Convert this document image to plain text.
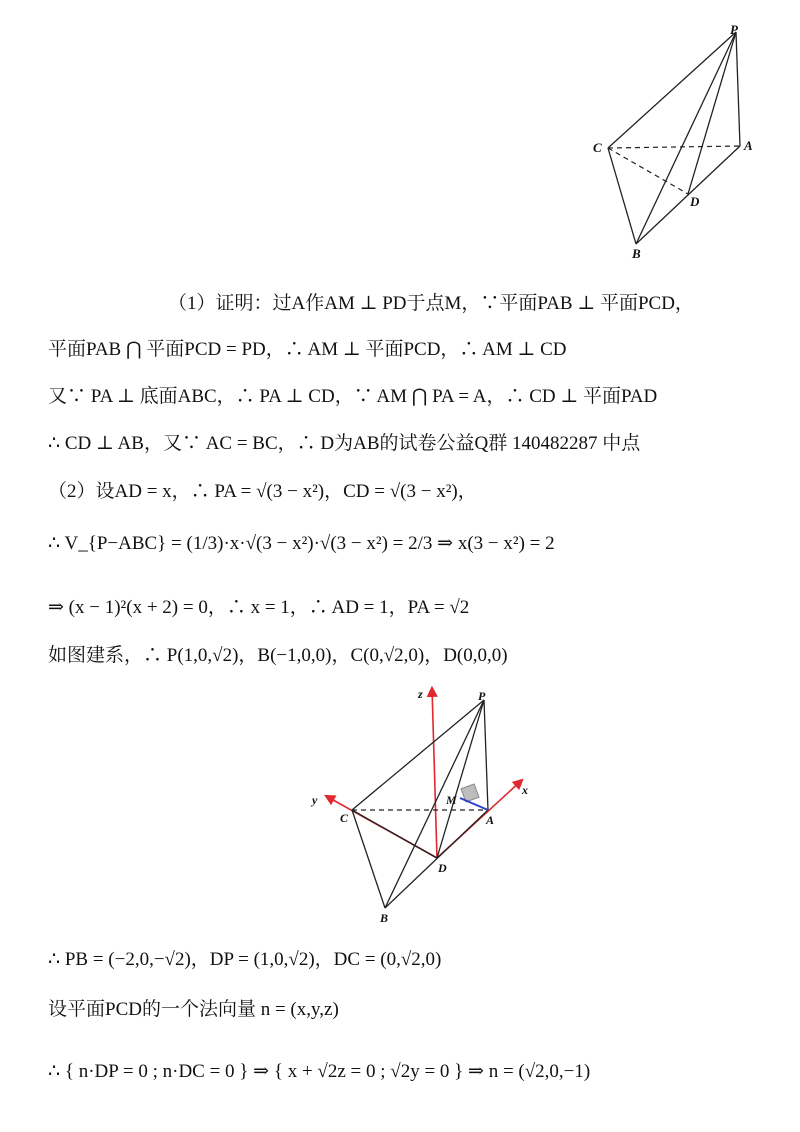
P
C	A
D
B
（1）证明：过A作AM ⊥ PD于点M，∵平面PAB ⊥ 平面PCD，
平面PAB ⋂ 平面PCD = PD，∴ AM ⊥ 平面PCD，∴ AM ⊥ CD
又∵ PA ⊥ 底面ABC，∴ PA ⊥ CD，∵ AM ⋂ PA = A，∴ CD ⊥ 平面PAD
∴ CD ⊥ AB，又∵ AC = BC，∴ D为AB的试卷公益Q群 140482287 中点
（2）设AD = x，∴ PA = √(3 − x²)，CD = √(3 − x²)，
∴ V_{P−ABC} = (1/3)·x·√(3 − x²)·√(3 − x²) = 2/3 ⇒ x(3 − x²) = 2
⇒ (x − 1)²(x + 2) = 0，∴ x = 1，∴ AD = 1，PA = √2
如图建系，∴ P(1,0,√2)，B(−1,0,0)，C(0,√2,0)，D(0,0,0)
z	P
y
x
M
C	A
D
B
∴ PB = (−2,0,−√2)，DP = (1,0,√2)，DC = (0,√2,0)
设平面PCD的一个法向量 n = (x,y,z)
∴ { n·DP = 0 ; n·DC = 0 } ⇒ { x + √2z = 0 ; √2y = 0 } ⇒ n = (√2,0,−1)
